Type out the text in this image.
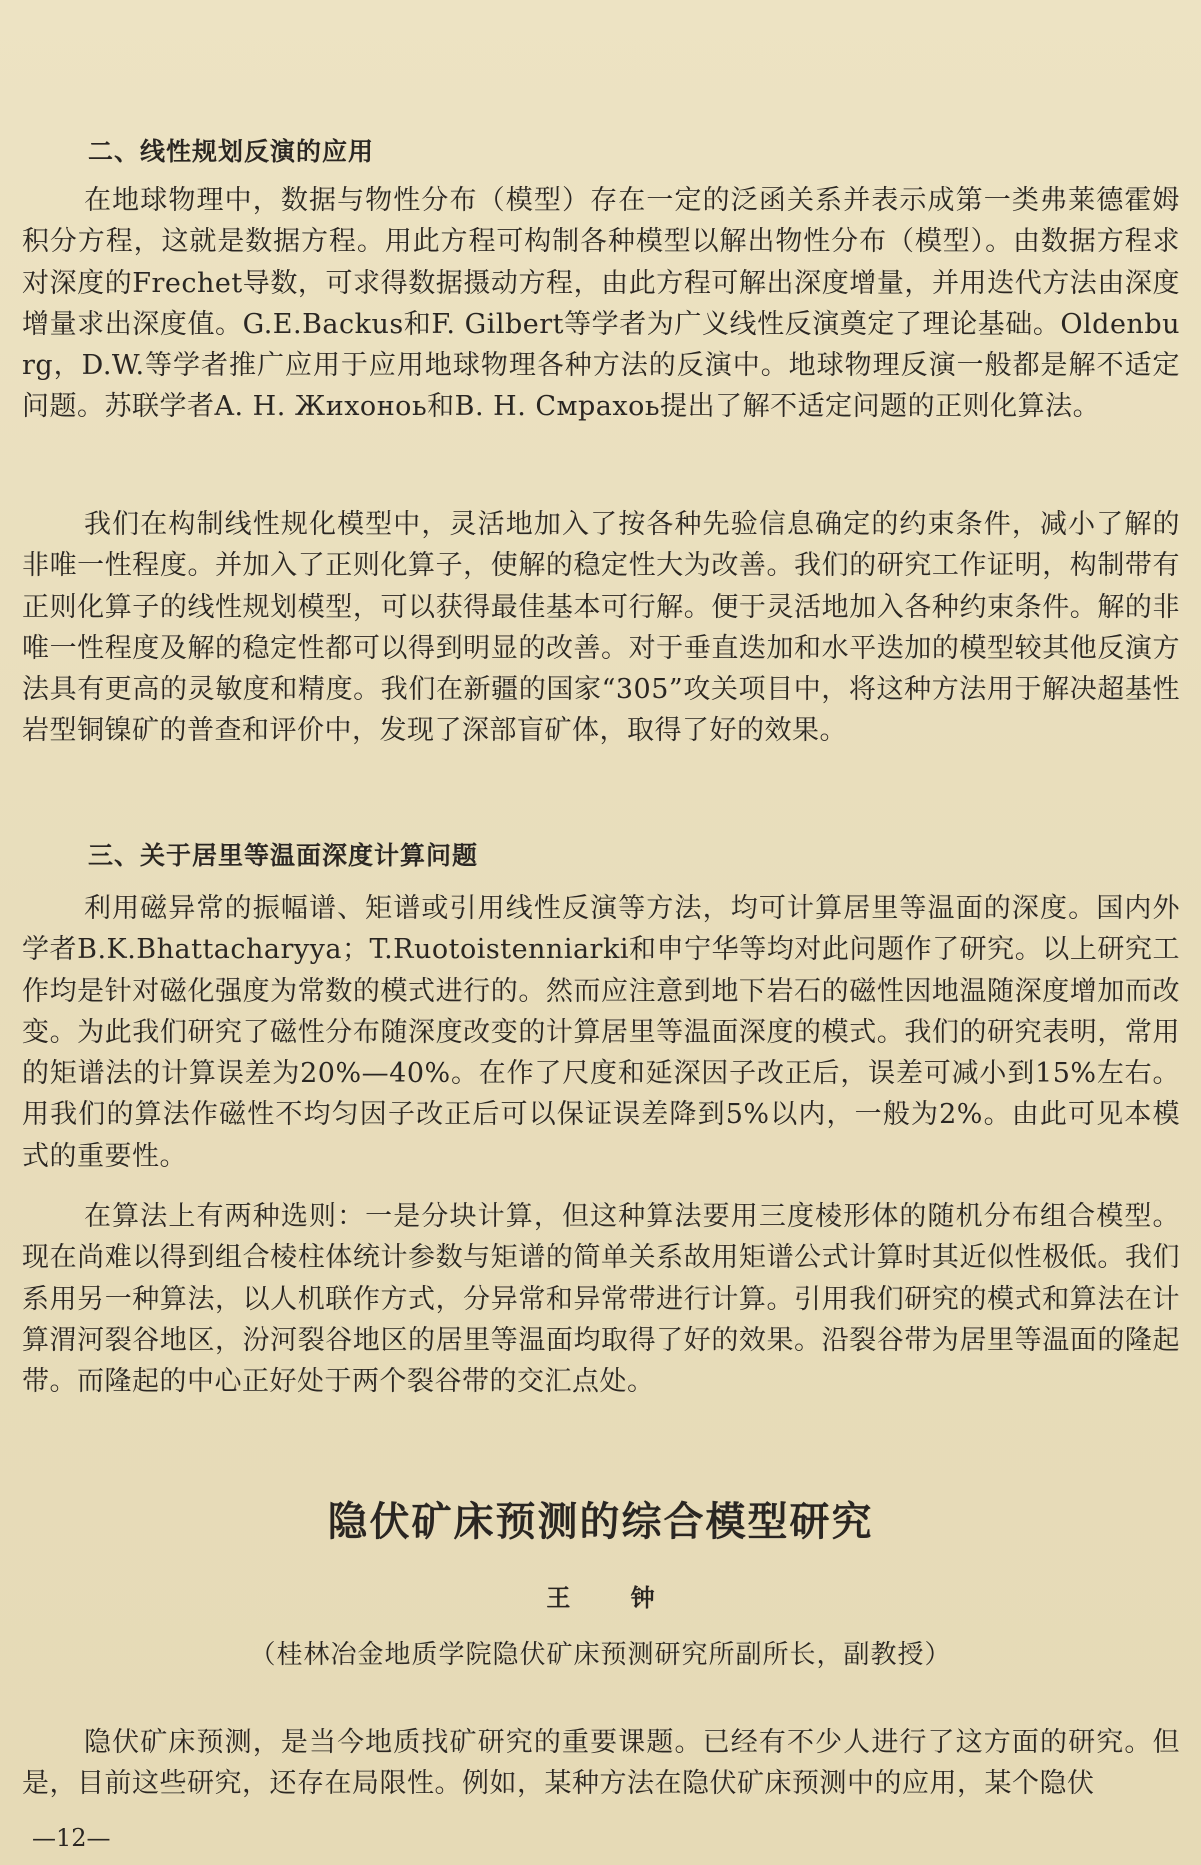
二、线性规划反演的应用

在地球物理中，数据与物性分布（模型）存在一定的泛函关系并表示成第一类弗莱德霍姆积分方程，这就是数据方程。用此方程可构制各种模型以解出物性分布（模型）。由数据方程求对深度的Frechet导数，可求得数据摄动方程，由此方程可解出深度增量，并用迭代方法由深度增量求出深度值。G.E.Backus和F. Gilbert等学者为广义线性反演奠定了理论基础。Oldenburg，D.W.等学者推广应用于应用地球物理各种方法的反演中。地球物理反演一般都是解不适定问题。苏联学者A. H. Жихоноь和B. H. Смрахоь提出了解不适定问题的正则化算法。

我们在构制线性规化模型中，灵活地加入了按各种先验信息确定的约束条件，减小了解的非唯一性程度。并加入了正则化算子，使解的稳定性大为改善。我们的研究工作证明，构制带有正则化算子的线性规划模型，可以获得最佳基本可行解。便于灵活地加入各种约束条件。解的非唯一性程度及解的稳定性都可以得到明显的改善。对于垂直迭加和水平迭加的模型较其他反演方法具有更高的灵敏度和精度。我们在新疆的国家“305”攻关项目中，将这种方法用于解决超基性岩型铜镍矿的普查和评价中，发现了深部盲矿体，取得了好的效果。

三、关于居里等温面深度计算问题

利用磁异常的振幅谱、矩谱或引用线性反演等方法，均可计算居里等温面的深度。国内外学者B.K.Bhattacharyya；T.Ruotoistenniarki和申宁华等均对此问题作了研究。以上研究工作均是针对磁化强度为常数的模式进行的。然而应注意到地下岩石的磁性因地温随深度增加而改变。为此我们研究了磁性分布随深度改变的计算居里等温面深度的模式。我们的研究表明，常用的矩谱法的计算误差为20%—40%。在作了尺度和延深因子改正后，误差可减小到15%左右。用我们的算法作磁性不均匀因子改正后可以保证误差降到5%以内，一般为2%。由此可见本模式的重要性。

在算法上有两种选则：一是分块计算，但这种算法要用三度棱形体的随机分布组合模型。现在尚难以得到组合棱柱体统计参数与矩谱的简单关系故用矩谱公式计算时其近似性极低。我们系用另一种算法，以人机联作方式，分异常和异常带进行计算。引用我们研究的模式和算法在计算渭河裂谷地区，汾河裂谷地区的居里等温面均取得了好的效果。沿裂谷带为居里等温面的隆起带。而隆起的中心正好处于两个裂谷带的交汇点处。

隐伏矿床预测的综合模型研究

王 钟

（桂林冶金地质学院隐伏矿床预测研究所副所长，副教授）

隐伏矿床预测，是当今地质找矿研究的重要课题。已经有不少人进行了这方面的研究。但是，目前这些研究，还存在局限性。例如，某种方法在隐伏矿床预测中的应用，某个隐伏

—12—
